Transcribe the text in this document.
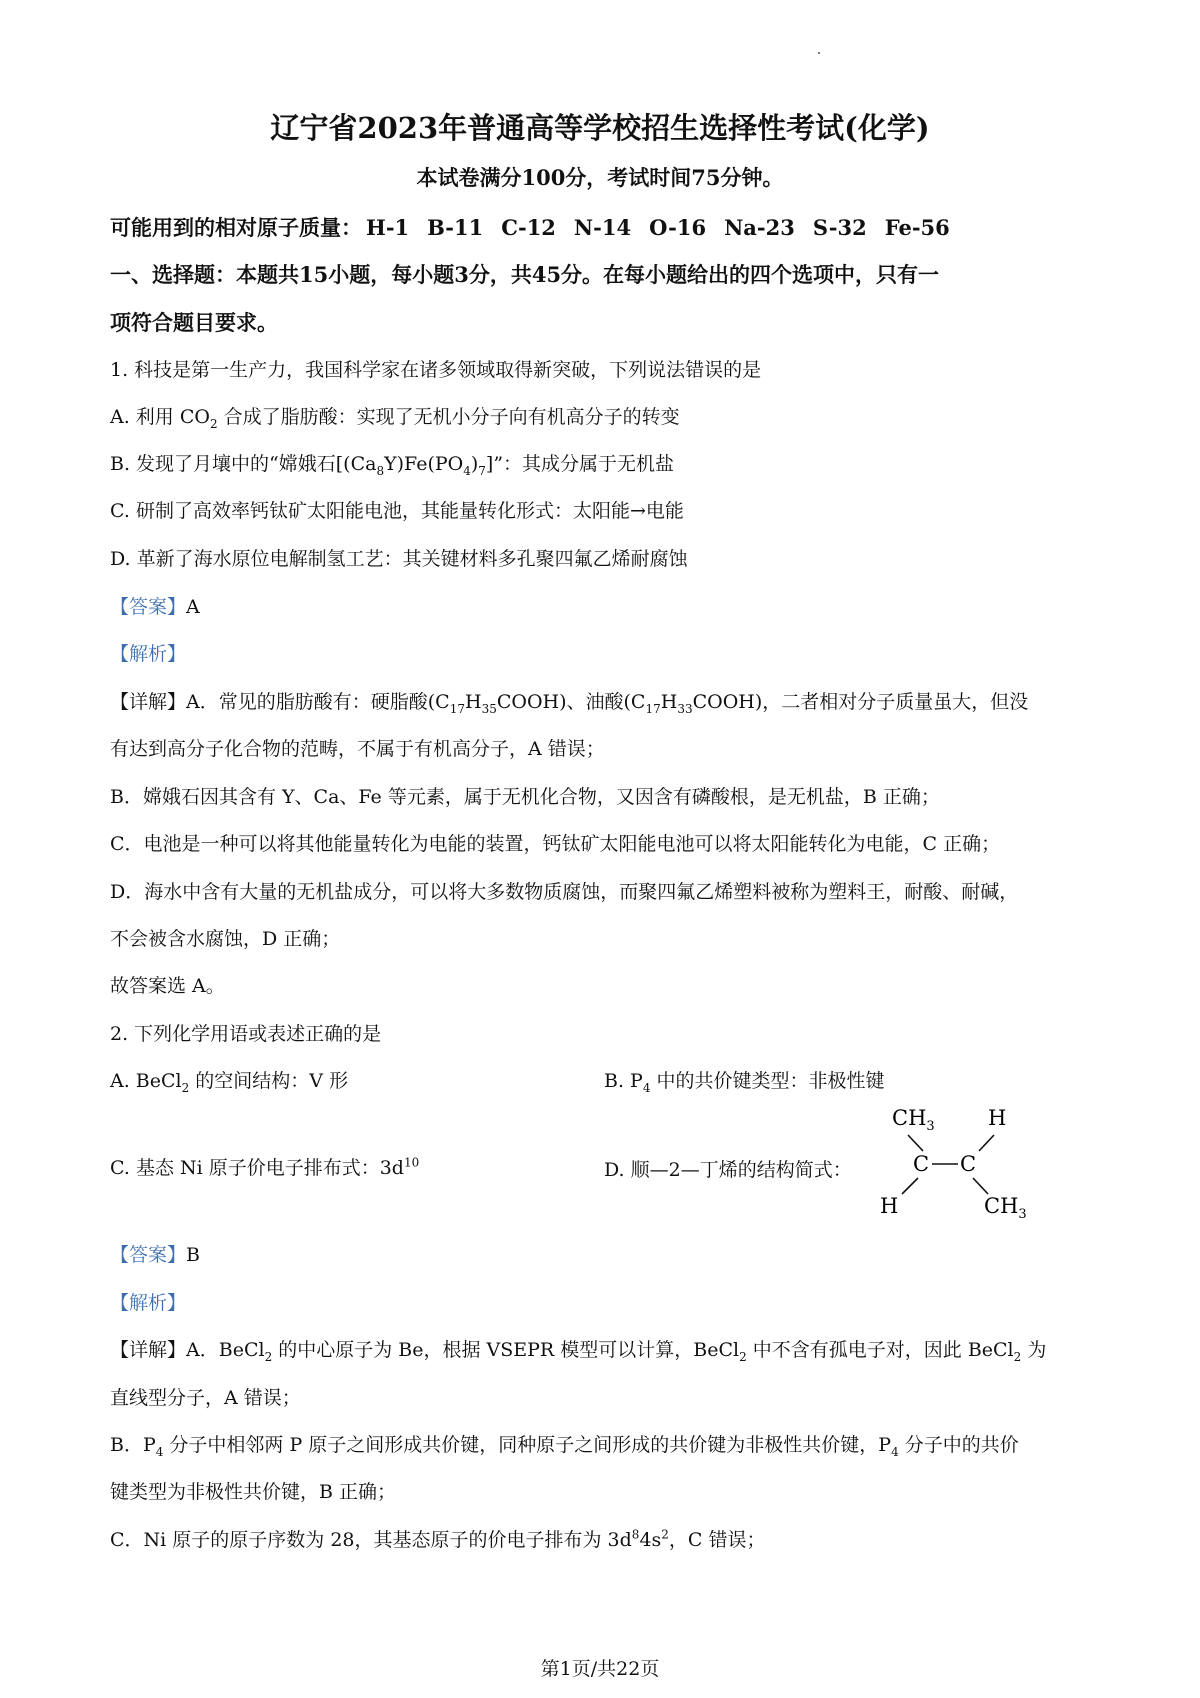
辽宁省2023年普通高等学校招生选择性考试(化学)
本试卷满分100分，考试时间75分钟。
可能用到的相对原子质量： H-1 B-11 C-12 N-14 O-16 Na-23 S-32 Fe-56
一、选择题：本题共15小题，每小题3分，共45分。在每小题给出的四个选项中，只有一
项符合题目要求。
1. 科技是第一生产力，我国科学家在诸多领域取得新突破，下列说法错误的是
A. 利用 $CO_2$ 合成了脂肪酸：实现了无机小分子向有机高分子的转变
B. 发现了月壤中的“嫦娥石$[(Ca_8Y)Fe(PO_4)_7]$”：其成分属于无机盐
C. 研制了高效率钙钛矿太阳能电池，其能量转化形式：太阳能→电能
D. 革新了海水原位电解制氢工艺：其关键材料多孔聚四氟乙烯耐腐蚀
【答案】A
【解析】
【详解】A．常见的脂肪酸有：硬脂酸$(C_{17}H_{35}COOH)$、油酸$(C_{17}H_{33}COOH)$，二者相对分子质量虽大，但没
有达到高分子化合物的范畴，不属于有机高分子，A 错误；
B．嫦娥石因其含有 Y、Ca、Fe 等元素，属于无机化合物，又因含有磷酸根，是无机盐，B 正确；
C．电池是一种可以将其他能量转化为电能的装置，钙钛矿太阳能电池可以将太阳能转化为电能，C 正确；
D．海水中含有大量的无机盐成分，可以将大多数物质腐蚀，而聚四氟乙烯塑料被称为塑料王，耐酸、耐碱，
不会被含水腐蚀，D 正确；
故答案选 A。
2. 下列化学用语或表述正确的是
A. BeCl$_2$ 的空间结构：V 形	B. $P_4$ 中的共价键类型：非极性键
C. 基态 Ni 原子价电子排布式：$3d^{10}$	D. 顺—2—丁烯的结构简式：
$CH_3$	H
C C
H	$CH_3$
【答案】B
【解析】
【详解】A．BeCl$_2$ 的中心原子为 Be，根据 VSEPR 模型可以计算，BeCl$_2$ 中不含有孤电子对，因此 BeCl$_2$ 为
直线型分子，A 错误；
B．$P_4$ 分子中相邻两 P 原子之间形成共价键，同种原子之间形成的共价键为非极性共价键，$P_4$ 分子中的共价
键类型为非极性共价键，B 正确；
C．Ni 原子的原子序数为 28，其基态原子的价电子排布为 $3d^84s^2$，C 错误；
第1页/共22页
